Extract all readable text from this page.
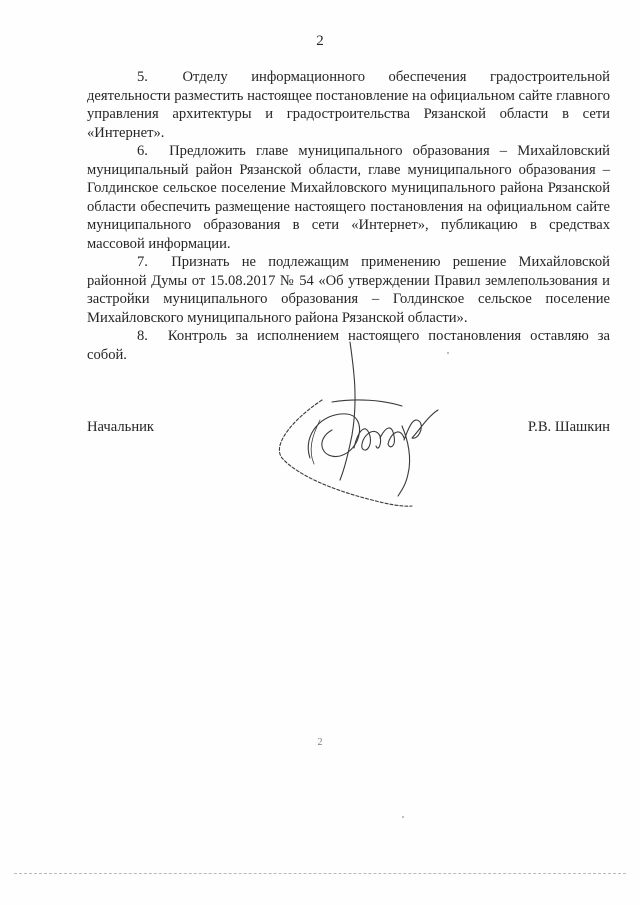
2

5. Отделу информационного обеспечения градостроительной деятельности разместить настоящее постановление на официальном сайте главного управления архитектуры и градостроительства Рязанской области в сети «Интернет».

6. Предложить главе муниципального образования – Михайловский муниципальный район Рязанской области, главе муниципального образования – Голдинское сельское поселение Михайловского муниципального района Рязанской области обеспечить размещение настоящего постановления на официальном сайте муниципального образования в сети «Интернет», публикацию в средствах массовой информации.

7. Признать не подлежащим применению решение Михайловской районной Думы от 15.08.2017 № 54 «Об утверждении Правил землепользования и застройки муниципального образования – Голдинское сельское поселение Михайловского муниципального района Рязанской области».

8. Контроль за исполнением настоящего постановления оставляю за собой.

Начальник	Р.В. Шашкин
2
